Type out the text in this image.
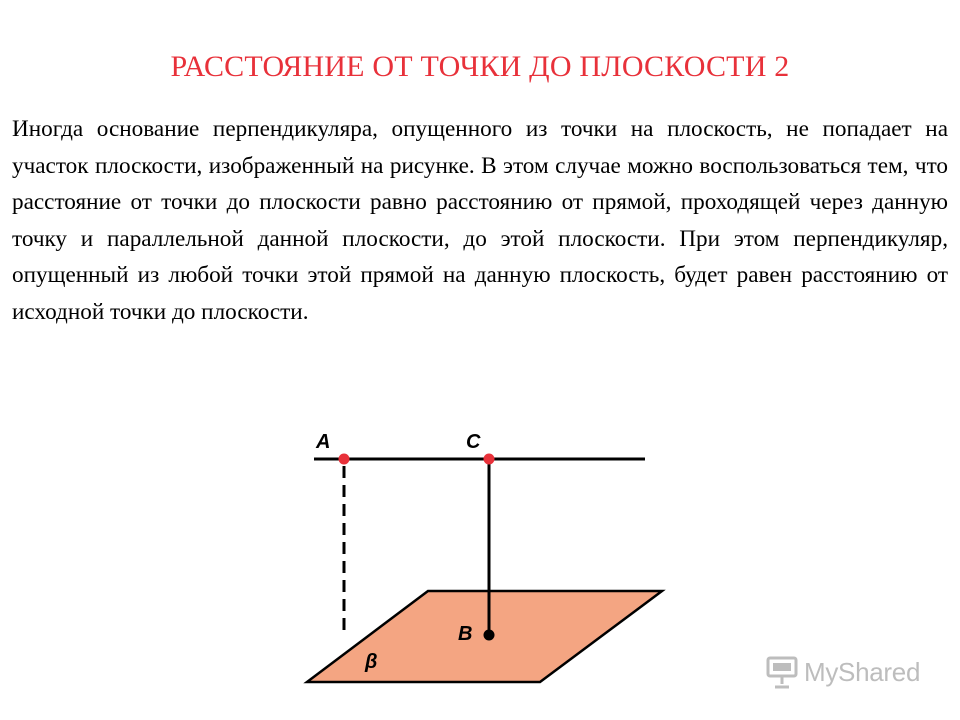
РАССТОЯНИЕ ОТ ТОЧКИ ДО ПЛОСКОСТИ 2
Иногда основание перпендикуляра, опущенного из точки на плоскость, не попадает на участок плоскости, изображенный на рисунке. В этом случае можно воспользоваться тем, что расстояние от точки до плоскости равно расстоянию от прямой, проходящей через данную точку и параллельной данной плоскости, до этой плоскости. При этом перпендикуляр, опущенный из любой точки этой прямой на данную плоскость, будет равен расстоянию от исходной точки до плоскости.
A	C
B
β	MyShared
